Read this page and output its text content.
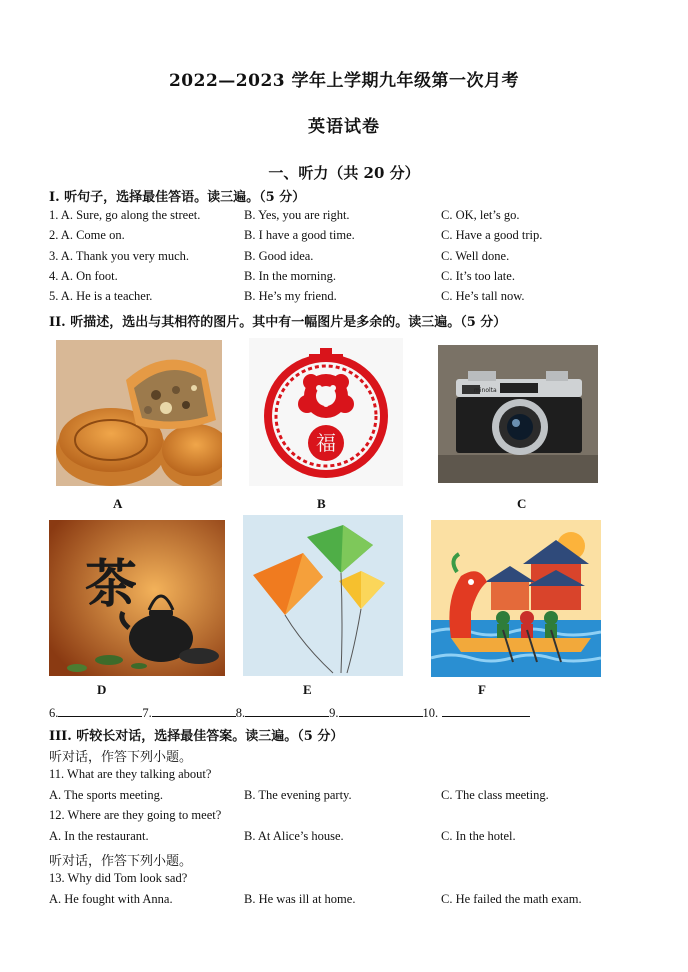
2022—2023 学年上学期九年级第一次月考
英语试卷
一、听力（共 20 分）
I. 听句子，选择最佳答语。读三遍。（5 分）
1. A. Sure, go along the street.	B. Yes, you are right.	C. OK, let’s go.
2. A. Come on.	B. I have a good time.	C. Have a good trip.
3. A. Thank you very much.	B. Good idea.	C. Well done.
4. A. On foot.	B. In the morning.	C. It’s too late.
5. A. He is a teacher.	B. He’s my friend.	C. He’s tall now.
II. 听描述，选出与其相符的图片。其中有一幅图片是多余的。读三遍。（5 分）
A
福
B
minolta
C
茶
D	E	F
6.	7.	8.	9.	10.
III. 听较长对话，选择最佳答案。读三遍。（5 分）
听对话，作答下列小题。
11. What are they talking about?
A. The sports meeting.	B. The evening party.	C. The class meeting.
12. Where are they going to meet?
A. In the restaurant.	B. At Alice’s house.	C. In the hotel.
听对话，作答下列小题。
13. Why did Tom look sad?
A. He fought with Anna.	B. He was ill at home.	C. He failed the math exam.
